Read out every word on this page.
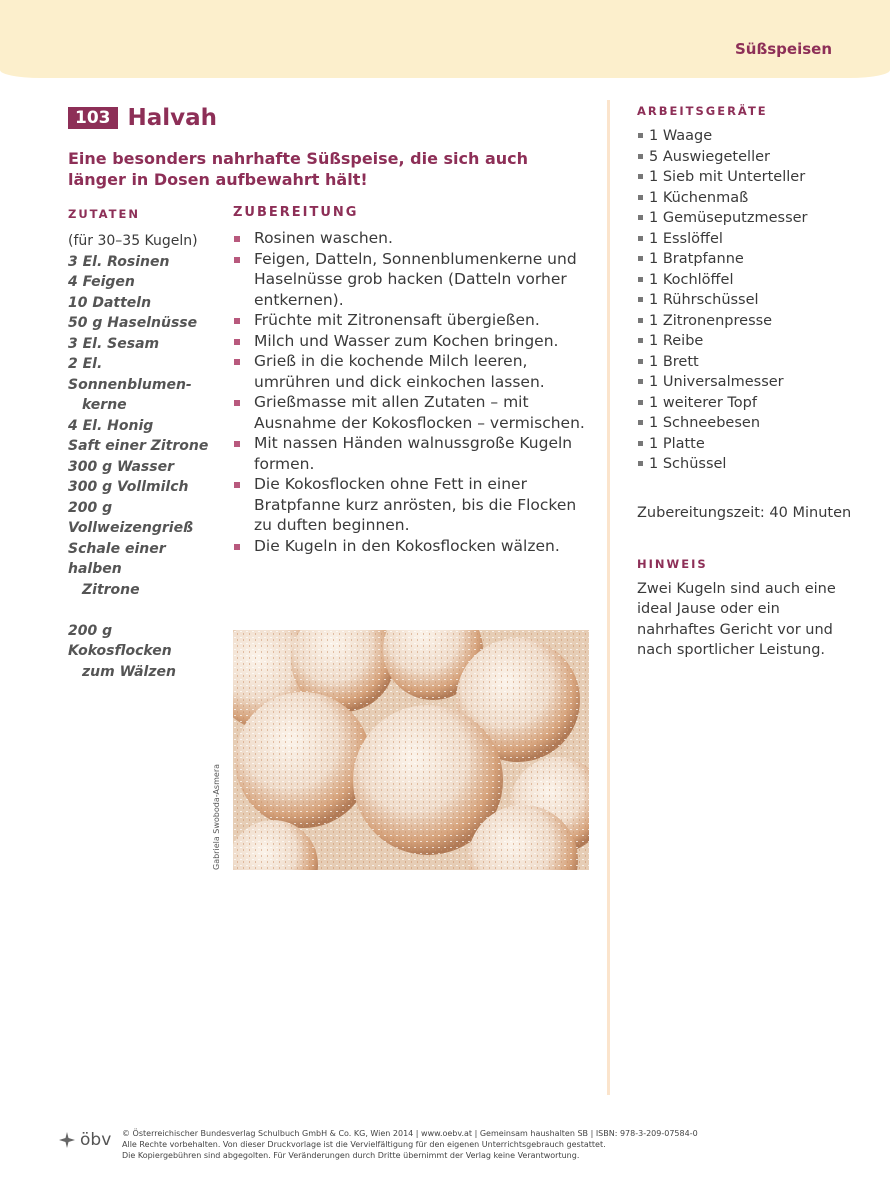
Süßspeisen
103 Halvah
Eine besonders nahrhafte Süßspeise, die sich auch länger in Dosen aufbewahrt hält!
ZUTATEN
(für 30–35 Kugeln)
3 El. Rosinen
4 Feigen
10 Datteln
50 g Haselnüsse
3 El. Sesam
2 El. Sonnenblumen-
kerne
4 El. Honig
Saft einer Zitrone
300 g Wasser
300 g Vollmilch
200 g Vollweizengrieß
Schale einer halben
Zitrone
200 g Kokosflocken
zum Wälzen
ZUBEREITUNG
Rosinen waschen.
Feigen, Datteln, Sonnenblumenkerne und Haselnüsse grob hacken (Datteln vorher entkernen).
Früchte mit Zitronensaft übergießen.
Milch und Wasser zum Kochen bringen.
Grieß in die kochende Milch leeren, umrühren und dick einkochen lassen.
Grießmasse mit allen Zutaten – mit Ausnahme der Kokosflocken – vermischen.
Mit nassen Händen walnussgroße Kugeln formen.
Die Kokosflocken ohne Fett in einer Bratpfanne kurz anrösten, bis die Flocken zu duften beginnen.
Die Kugeln in den Kokosflocken wälzen.
Gabriela Swoboda-Asmera
ARBEITSGERÄTE
1 Waage
5 Auswiegeteller
1 Sieb mit Unterteller
1 Küchenmaß
1 Gemüseputzmesser
1 Esslöffel
1 Bratpfanne
1 Kochlöffel
1 Rührschüssel
1 Zitronenpresse
1 Reibe
1 Brett
1 Universalmesser
1 weiterer Topf
1 Schneebesen
1 Platte
1 Schüssel
Zubereitungszeit: 40 Minuten
HINWEIS
Zwei Kugeln sind auch eine ideal Jause oder ein nahrhaftes Gericht vor und nach sportlicher Leistung.
öbv © Österreichischer Bundesverlag Schulbuch GmbH & Co. KG, Wien 2014 | www.oebv.at | Gemeinsam haushalten SB | ISBN: 978-3-209-07584-0
Alle Rechte vorbehalten. Von dieser Druckvorlage ist die Vervielfältigung für den eigenen Unterrichtsgebrauch gestattet.
Die Kopiergebühren sind abgegolten. Für Veränderungen durch Dritte übernimmt der Verlag keine Verantwortung.
